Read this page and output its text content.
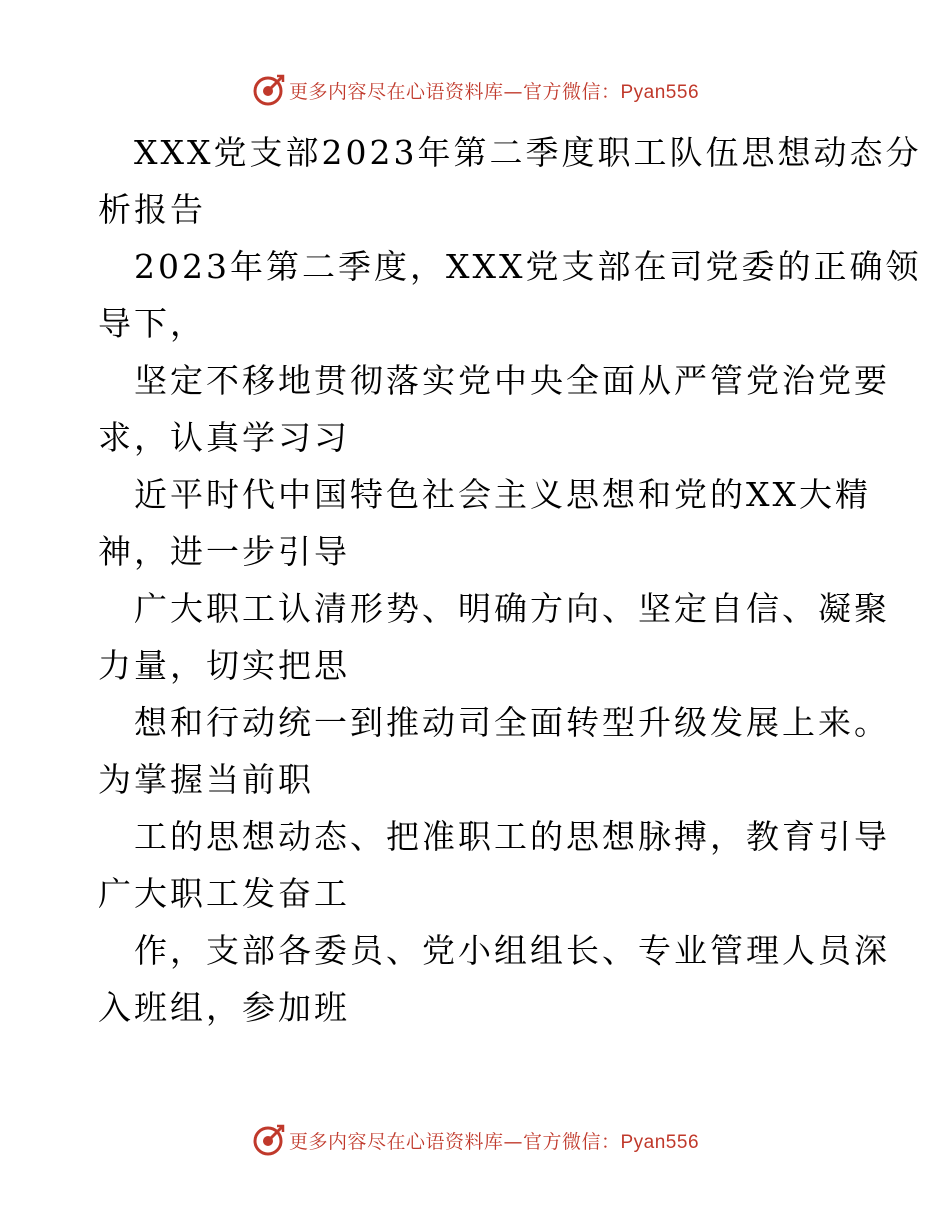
更多内容尽在心语资料库—官方微信：Pyan556
XXX党支部2023年第二季度职工队伍思想动态分
析报告
2023年第二季度，XXX党支部在司党委的正确领
导下，
坚定不移地贯彻落实党中央全面从严管党治党要
求，认真学习习
近平时代中国特色社会主义思想和党的XX大精
神，进一步引导
广大职工认清形势、明确方向、坚定自信、凝聚
力量，切实把思
想和行动统一到推动司全面转型升级发展上来。
为掌握当前职
工的思想动态、把准职工的思想脉搏，教育引导
广大职工发奋工
作，支部各委员、党小组组长、专业管理人员深
入班组，参加班
更多内容尽在心语资料库—官方微信：Pyan556
